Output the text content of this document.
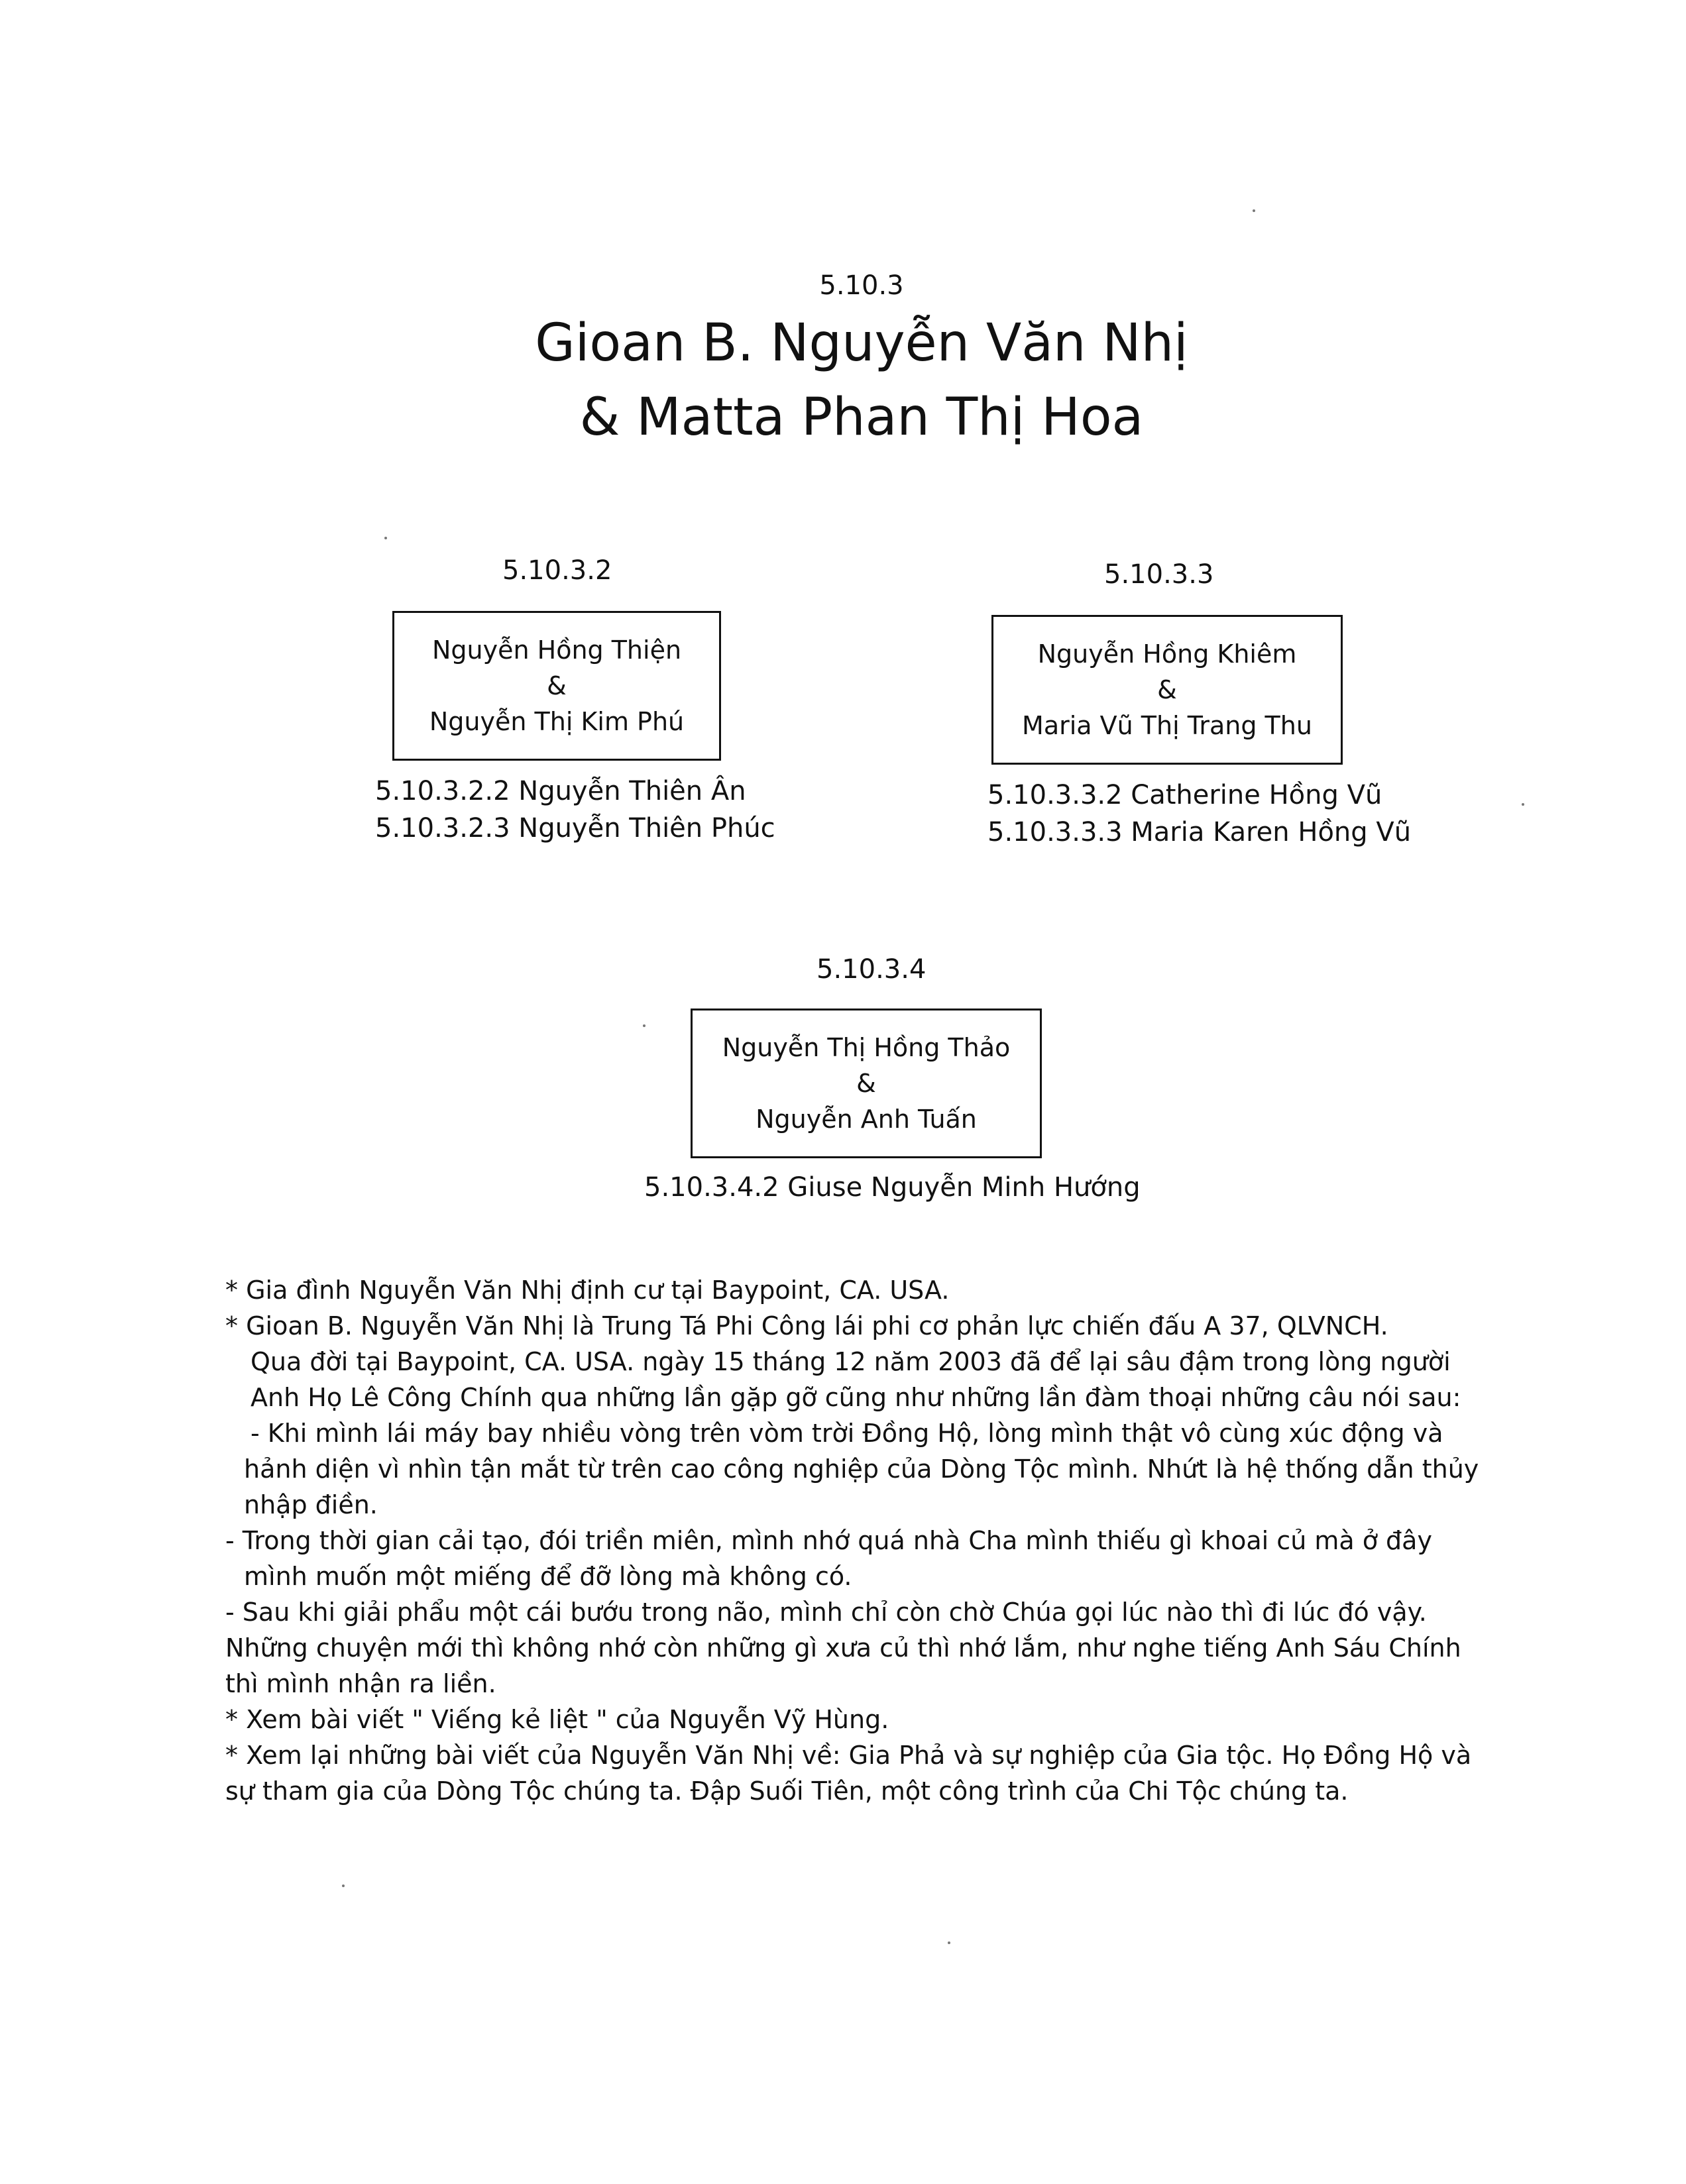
5.10.3
Gioan B. Nguyễn Văn Nhị
& Matta Phan Thị Hoa
5.10.3.2
Nguyễn Hồng Thiện
&
Nguyễn Thị Kim Phú
5.10.3.2.2 Nguyễn Thiên Ân
5.10.3.2.3 Nguyễn Thiên Phúc
5.10.3.3
Nguyễn Hồng Khiêm
&
Maria Vũ Thị Trang Thu
5.10.3.3.2 Catherine Hồng Vũ
5.10.3.3.3 Maria Karen Hồng Vũ
5.10.3.4
Nguyễn Thị Hồng Thảo
&
Nguyễn Anh Tuấn
5.10.3.4.2 Giuse Nguyễn Minh Hướng
* Gia đình Nguyễn Văn Nhị định cư tại Baypoint, CA. USA.
* Gioan B. Nguyễn Văn Nhị là Trung Tá Phi Công lái phi cơ phản lực chiến đấu A 37, QLVNCH.
Qua đời tại Baypoint, CA. USA. ngày 15 tháng 12 năm 2003 đã để lại sâu đậm trong lòng người
Anh Họ Lê Công Chính qua những lần gặp gỡ cũng như những lần đàm thoại những câu nói sau:
- Khi mình lái máy bay nhiều vòng trên vòm trời Đồng Hộ, lòng mình thật vô cùng xúc động và
hảnh diện vì nhìn tận mắt từ trên cao công nghiệp của Dòng Tộc mình. Nhứt là hệ thống dẫn thủy
nhập điền.
- Trong thời gian cải tạo, đói triền miên, mình nhớ quá nhà Cha mình thiếu gì khoai củ mà ở đây
mình muốn một miếng để đỡ lòng mà không có.
- Sau khi giải phẩu một cái bướu trong não, mình chỉ còn chờ Chúa gọi lúc nào thì đi lúc đó vậy.
Những chuyện mới thì không nhớ còn những gì xưa củ thì nhớ lắm, như nghe tiếng Anh Sáu Chính
thì mình nhận ra liền.
* Xem bài viết " Viếng kẻ liệt " của Nguyễn Vỹ Hùng.
* Xem lại những bài viết của Nguyễn Văn Nhị về: Gia Phả và sự nghiệp của Gia tộc. Họ Đồng Hộ và
sự tham gia của Dòng Tộc chúng ta. Đập Suối Tiên, một công trình của Chi Tộc chúng ta.
